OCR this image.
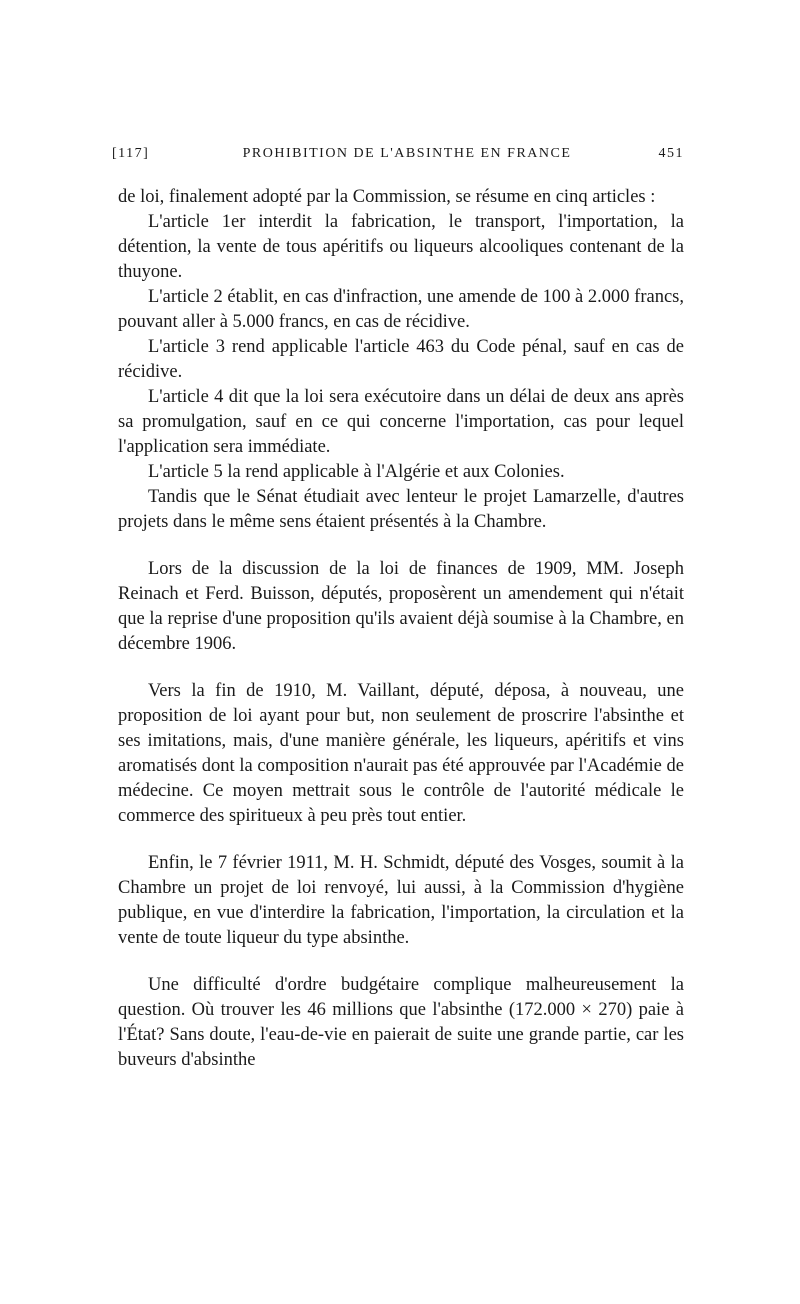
[117]	PROHIBITION DE L'ABSINTHE EN FRANCE	451

de loi, finalement adopté par la Commission, se résume en cinq articles :

L'article 1er interdit la fabrication, le transport, l'importation, la détention, la vente de tous apéritifs ou liqueurs alcooliques contenant de la thuyone.

L'article 2 établit, en cas d'infraction, une amende de 100 à 2.000 francs, pouvant aller à 5.000 francs, en cas de récidive.

L'article 3 rend applicable l'article 463 du Code pénal, sauf en cas de récidive.

L'article 4 dit que la loi sera exécutoire dans un délai de deux ans après sa promulgation, sauf en ce qui concerne l'importation, cas pour lequel l'application sera immédiate.

L'article 5 la rend applicable à l'Algérie et aux Colonies.

Tandis que le Sénat étudiait avec lenteur le projet Lamarzelle, d'autres projets dans le même sens étaient présentés à la Chambre.

Lors de la discussion de la loi de finances de 1909, MM. Joseph Reinach et Ferd. Buisson, députés, proposèrent un amendement qui n'était que la reprise d'une proposition qu'ils avaient déjà soumise à la Chambre, en décembre 1906.

Vers la fin de 1910, M. Vaillant, député, déposa, à nouveau, une proposition de loi ayant pour but, non seulement de proscrire l'absinthe et ses imitations, mais, d'une manière générale, les liqueurs, apéritifs et vins aromatisés dont la composition n'aurait pas été approuvée par l'Académie de médecine. Ce moyen mettrait sous le contrôle de l'autorité médicale le commerce des spiritueux à peu près tout entier.

Enfin, le 7 février 1911, M. H. Schmidt, député des Vosges, soumit à la Chambre un projet de loi renvoyé, lui aussi, à la Commission d'hygiène publique, en vue d'interdire la fabrication, l'importation, la circulation et la vente de toute liqueur du type absinthe.

Une difficulté d'ordre budgétaire complique malheureusement la question. Où trouver les 46 millions que l'absinthe (172.000 × 270) paie à l'État? Sans doute, l'eau-de-vie en paierait de suite une grande partie, car les buveurs d'absinthe
